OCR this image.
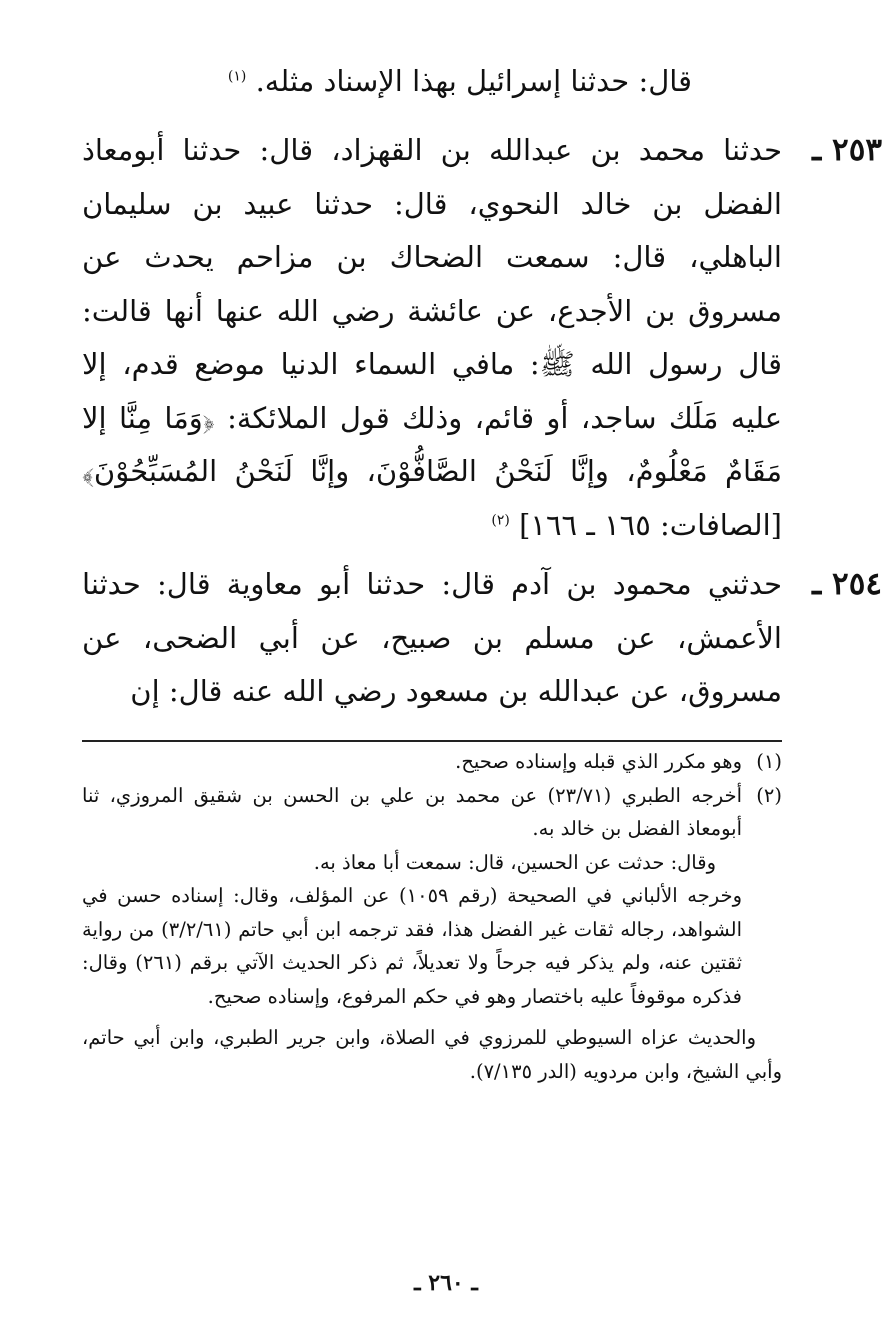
قال: حدثنا إسرائيل بهذا الإسناد مثله. $^{(١)}$
٢٥٣ ـ
حدثنا محمد بن عبدالله بن القهزاد، قال: حدثنا أبومعاذ الفضل بن خالد النحوي، قال: حدثنا عبيد بن سليمان الباهلي، قال: سمعت الضحاك بن مزاحم يحدث عن مسروق بن الأجدع، عن عائشة رضي الله عنها أنها قالت: قال رسول الله ﷺ: مافي السماء الدنيا موضع قدم، إلا عليه مَلَك ساجد، أو قائم، وذلك قول الملائكة: ﴿وَمَا مِنَّا إلا مَقَامٌ مَعْلُومٌ، وإنَّا لَنَحْنُ الصَّافُّوْنَ، وإنَّا لَنَحْنُ المُسَبِّحُوْنَ﴾ [الصافات: ١٦٥ ـ ١٦٦] $^{(٢)}$
٢٥٤ ـ
حدثني محمود بن آدم قال: حدثنا أبو معاوية قال: حدثنا الأعمش، عن مسلم بن صبيح، عن أبي الضحى، عن مسروق، عن عبدالله بن مسعود رضي الله عنه قال: إن
(١)

وهو مكرر الذي قبله وإسناده صحيح.

(٢)

أخرجه الطبري (٢٣/٧١) عن محمد بن علي بن الحسن بن شقيق المروزي، ثنا أبومعاذ الفضل بن خالد به.

وقال: حدثت عن الحسين، قال: سمعت أبا معاذ به.

وخرجه الألباني في الصحيحة (رقم ١٠٥٩) عن المؤلف، وقال: إسناده حسن في الشواهد، رجاله ثقات غير الفضل هذا، فقد ترجمه ابن أبي حاتم (٣/٢/٦١) من رواية ثقتين عنه، ولم يذكر فيه جرحاً ولا تعديلاً، ثم ذكر الحديث الآتي برقم (٢٦١) وقال: فذكره موقوفاً عليه باختصار وهو في حكم المرفوع، وإسناده صحيح.

والحديث عزاه السيوطي للمرزوي في الصلاة، وابن جرير الطبري، وابن أبي حاتم، وأبي الشيخ، وابن مردويه (الدر ٧/١٣٥).

ـ ٢٦٠ ـ
